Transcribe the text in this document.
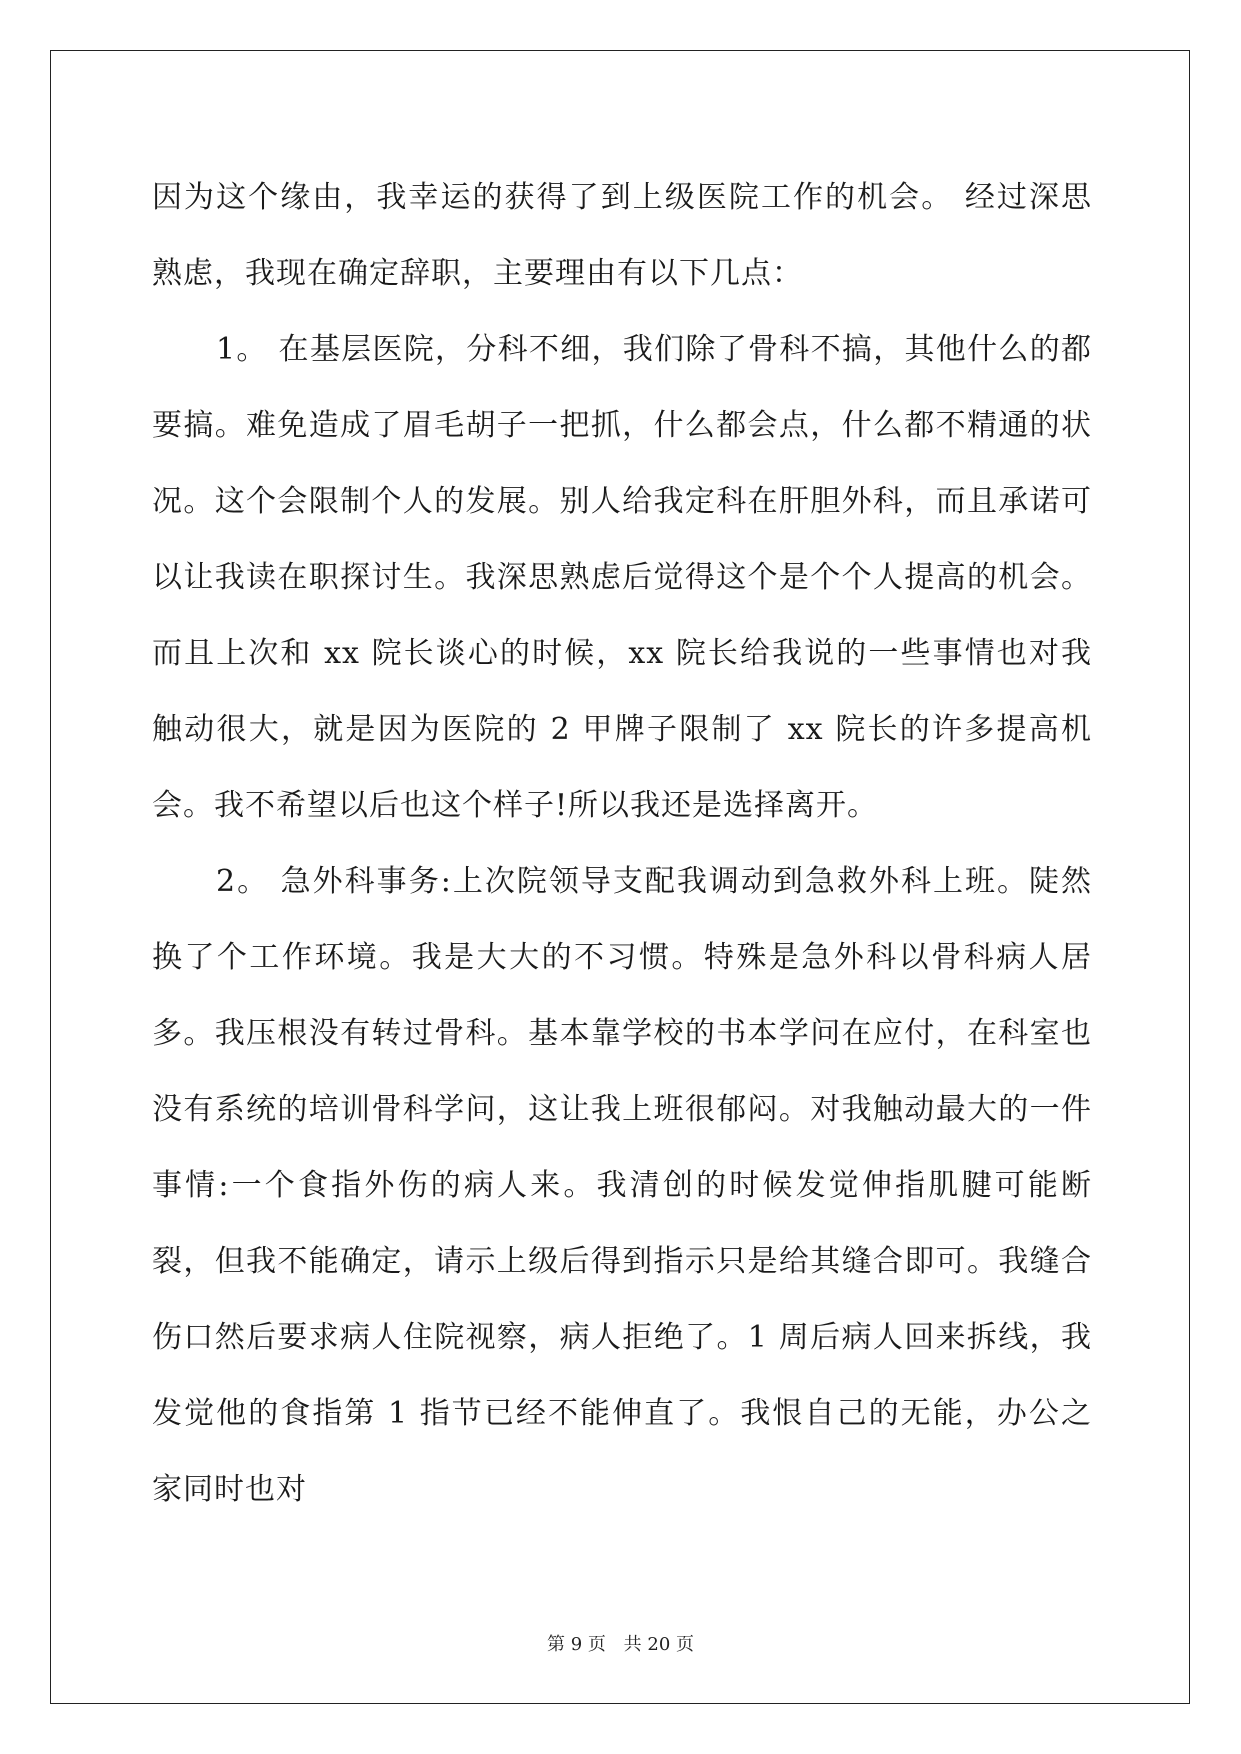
因为这个缘由，我幸运的获得了到上级医院工作的机会。 经过深思熟虑，我现在确定辞职，主要理由有以下几点：

1。 在基层医院，分科不细，我们除了骨科不搞，其他什么的都要搞。难免造成了眉毛胡子一把抓，什么都会点，什么都不精通的状况。这个会限制个人的发展。别人给我定科在肝胆外科，而且承诺可以让我读在职探讨生。我深思熟虑后觉得这个是个个人提高的机会。而且上次和 xx 院长谈心的时候，xx 院长给我说的一些事情也对我触动很大，就是因为医院的 2 甲牌子限制了 xx 院长的许多提高机会。我不希望以后也这个样子!所以我还是选择离开。

2。 急外科事务:上次院领导支配我调动到急救外科上班。陡然换了个工作环境。我是大大的不习惯。特殊是急外科以骨科病人居多。我压根没有转过骨科。基本靠学校的书本学问在应付，在科室也没有系统的培训骨科学问，这让我上班很郁闷。对我触动最大的一件事情:一个食指外伤的病人来。我清创的时候发觉伸指肌腱可能断裂，但我不能确定，请示上级后得到指示只是给其缝合即可。我缝合伤口然后要求病人住院视察，病人拒绝了。1 周后病人回来拆线，我发觉他的食指第 1 指节已经不能伸直了。我恨自己的无能，办公之家同时也对

第 9 页 共 20 页
